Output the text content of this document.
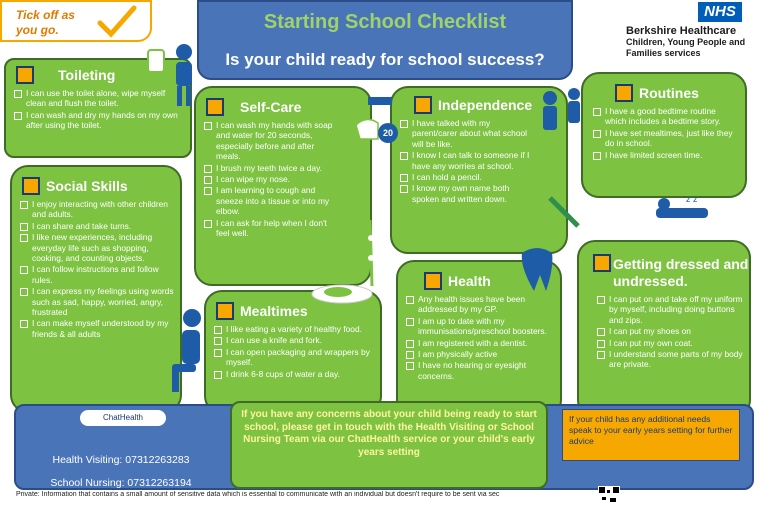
Tick off as you go.	Starting School Checklist
Is your child ready for school success?
NHS
Berkshire Healthcare
Children, Young People and
Families services
Toileting
I can use the toilet alone, wipe myself clean and flush the toilet.
I can wash and dry my hands on my own after using the toilet.
Social Skills
I enjoy interacting with other children and adults.
I can share and take turns.
I like new experiences, including everyday life such as shopping, cooking, and counting objects.
I can follow instructions and follow rules.
I can express my feelings using words such as sad, happy, worried, angry, frustrated
I can make myself understood by my friends & all adults
Self-Care
I can wash my hands with soap and water for 20 seconds, especially before and after meals.
I brush my teeth twice a day.
I can wipe my nose.
I am learning to cough and sneeze into a tissue or into my elbow.
I can ask for help when I don't feel well.
Mealtimes
I like eating a variety of healthy food.
I can use a knife and fork.
I can open packaging and wrappers by myself.
I drink 6-8 cups of water a day.
Independence
I have talked with my parent/carer about what school will be like.
I know I can talk to someone if I have any worries at school.
I can hold a pencil.
I know my own name both spoken and written down.
Health
Any health issues have been addressed by my GP.
I am up to date with my immunisations/preschool boosters.
I am registered with a dentist.
I am physically active
I have no hearing or eyesight concerns.
Routines
I have a good bedtime routine which includes a bedtime story.
I have set mealtimes, just like they do in school.
I have limited screen time.
Getting dressed and undressed.
I can put on and take off my uniform by myself, including doing buttons and zips.
I can put my shoes on
I can put my own coat.
I understand some parts of my body are private.
20
z z
ChatHealth
Health Visiting: 07312263283
School Nursing: 07312263194
If you have any concerns about your child being ready to start school, please get in touch with the Health Visiting or School Nursing Team via our ChatHealth service or your child's early years setting
If your child has any additional needs speak to your early years setting for further advice
Private: Information that contains a small amount of sensitive data which is essential to communicate with an individual but doesn't require to be sent via sec
